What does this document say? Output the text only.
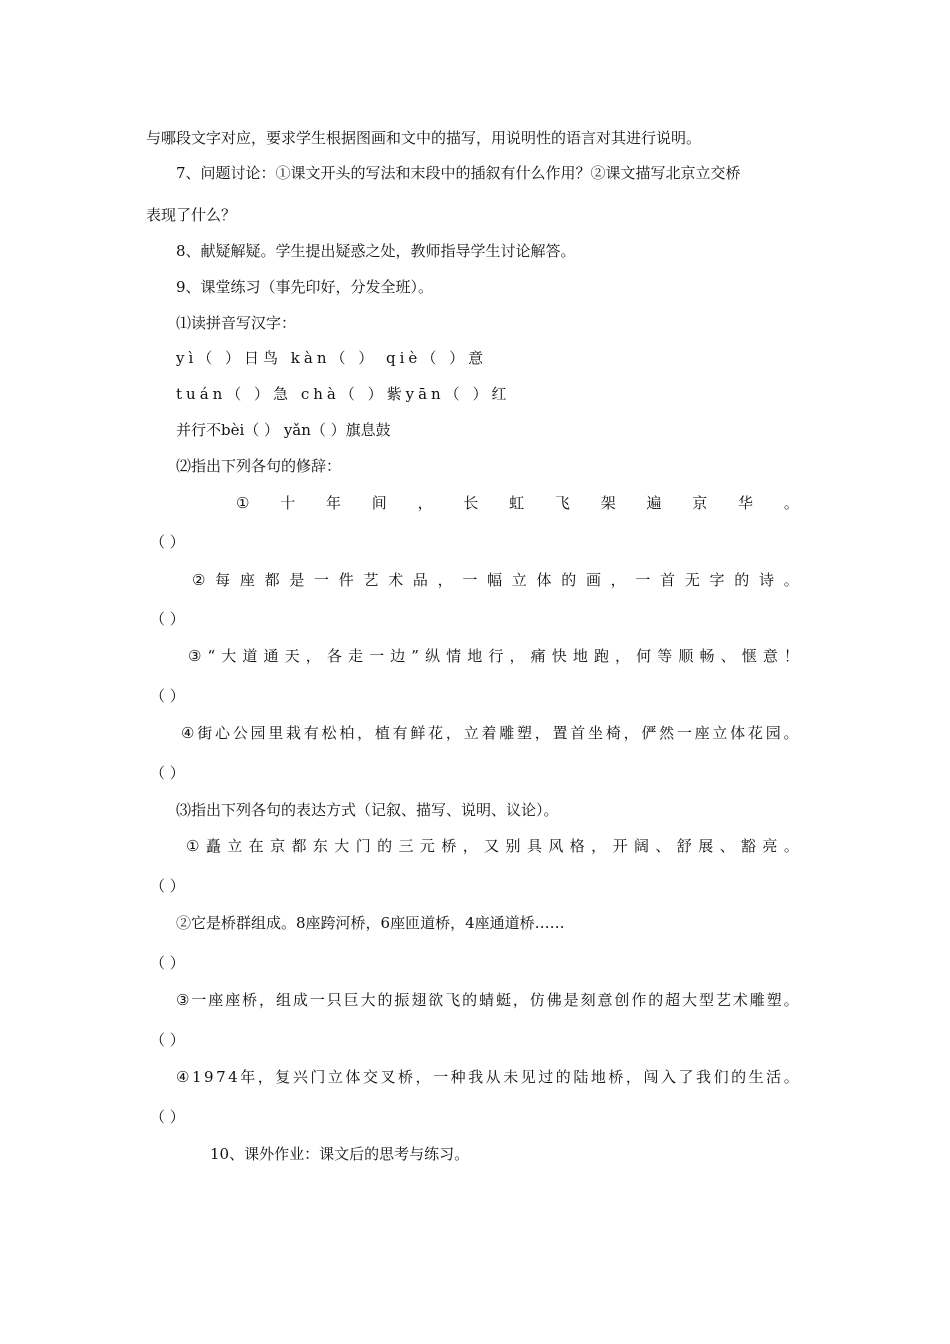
与哪段文字对应，要求学生根据图画和文中的描写，用说明性的语言对其进行说明。

7、问题讨论：①课文开头的写法和末段中的插叙有什么作用？②课文描写北京立交桥

表现了什么？

8、献疑解疑。学生提出疑惑之处，教师指导学生讨论解答。

9、课堂练习（事先印好，分发全班）。

⑴读拼音写汉字：

yì（ ）日鸟 kàn（ ） qiè（ ）意

tuán（ ）急 chà（ ）紫yān（ ）红

并行不bèi（ ） yǎn（ ）旗息鼓

⑵指出下列各句的修辞：

① 十 年 间 ， 长 虹 飞 架 遍 京 华 。

（ ）

② 每 座 都 是 一 件 艺 术 品 ， 一 幅 立 体 的 画 ， 一 首 无 字 的 诗 。

（ ）

③ “ 大 道 通 天 ， 各 走 一 边 ” 纵 情 地 行 ， 痛 快 地 跑 ， 何 等 顺 畅 、 惬 意 ！

（ ）

④ 街 心 公 园 里 栽 有 松 柏 ， 植 有 鲜 花 ， 立 着 雕 塑 ， 置 首 坐 椅 ， 俨 然 一 座 立 体 花 园 。

（ ）

⑶指出下列各句的表达方式（记叙、描写、说明、议论）。

① 矗 立 在 京 都 东 大 门 的 三 元 桥 ， 又 别 具 风 格 ， 开 阔 、 舒 展 、 豁 亮 。

（ ）

②它是桥群组成。8座跨河桥，6座匝道桥，4座通道桥……

（ ）

③ 一 座 座 桥 ， 组 成 一 只 巨 大 的 振 翅 欲 飞 的 蜻 蜓 ， 仿 佛 是 刻 意 创 作 的 超 大 型 艺 术 雕 塑 。

（ ）

④ 1 9 7 4 年 ， 复 兴 门 立 体 交 叉 桥 ， 一 种 我 从 未 见 过 的 陆 地 桥 ， 闯 入 了 我 们 的 生 活 。

（ ）

10、课外作业：课文后的思考与练习。
